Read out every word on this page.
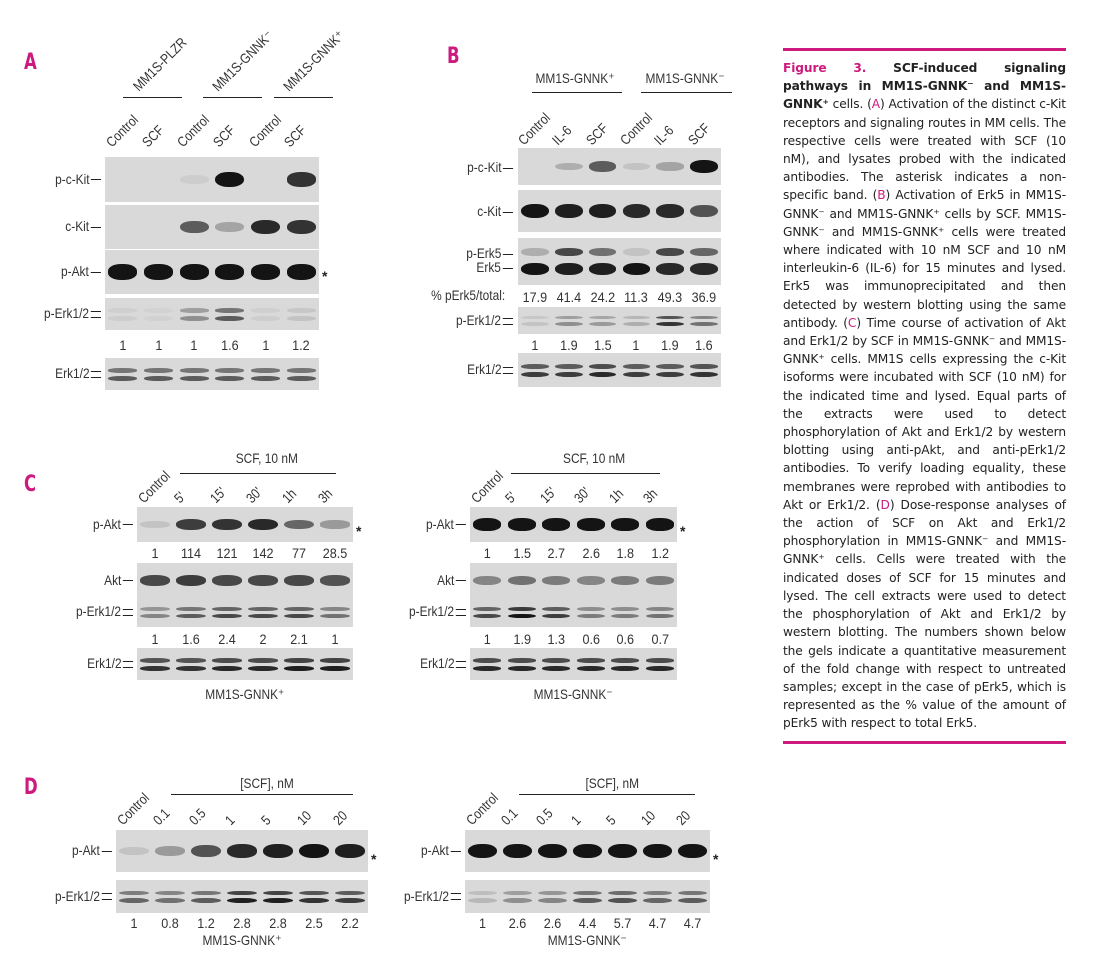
A	B
C
D
MM1S-PLZR MM1S-GNNK⁻ MM1S-GNNK⁺
Control
SCF Control
SCF Control
SCF
p-c-Kit
c-Kit
p-Akt	*
p-Erk1/2
Erk1/2
1	1	1	1.6	1	1.2
MM1S-GNNK⁺	MM1S-GNNK⁻
Control
IL-6 SCF Control
IL-6 SCF
p-c-Kit
c-Kit
p-Erk5
Erk5
% pErk5/total: 17.9 41.4 24.2 11.3 49.3 36.9
p-Erk1/2
1	1.9	1.5	1	1.9	1.6
Erk1/2
SCF, 10 nM
Control
5' 15' 30' 1h 3h
p-Akt	*
Akt
p-Erk1/2
Erk1/2
1	114	121	142	77	28.5
1	1.6	2.4	2	2.1	1
MM1S-GNNK⁺
SCF, 10 nM
Control
5' 15' 30' 1h 3h
p-Akt	*
Akt
p-Erk1/2
Erk1/2
1	1.5	2.7	2.6	1.8	1.2
1	1.9	1.3	0.6	0.6	0.7
MM1S-GNNK⁻
[SCF], nM
Control
0.1 0.5 1 5 10 20
p-Akt
*
p-Erk1/2
1	0.8	1.2	2.8	2.8	2.5	2.2
MM1S-GNNK⁺
[SCF], nM
Control
0.1 0.5 1 5 10 20
p-Akt
*
p-Erk1/2
1	2.6	2.6	4.4	5.7	4.7	4.7
MM1S-GNNK⁻

Figure 3. SCF-induced signaling pathways in MM1S-GNNK⁻ and MM1S-GNNK⁺ cells. (A) Activation of the distinct c-Kit receptors and signaling routes in MM cells. The respective cells were treated with SCF (10 nM), and lysates probed with the indicated antibodies. The asterisk indicates a non-specific band. (B) Activation of Erk5 in MM1S-GNNK⁻ and MM1S-GNNK⁺ cells by SCF. MM1S-GNNK⁻ and MM1S-GNNK⁺ cells were treated where indicated with 10 nM SCF and 10 nM interleukin-6 (IL-6) for 15 minutes and lysed. Erk5 was immunoprecipitated and then detected by western blotting using the same antibody. (C) Time course of activation of Akt and Erk1/2 by SCF in MM1S-GNNK⁻ and MM1S-GNNK⁺ cells. MM1S cells expressing the c-Kit isoforms were incubated with SCF (10 nM) for the indicated time and lysed. Equal parts of the extracts were used to detect phosphorylation of Akt and Erk1/2 by western blotting using anti-pAkt, and anti-pErk1/2 antibodies. To verify loading equality, these membranes were reprobed with antibodies to Akt or Erk1/2. (D) Dose-response analyses of the action of SCF on Akt and Erk1/2 phosphorylation in MM1S-GNNK⁻ and MM1S-GNNK⁺ cells. Cells were treated with the indicated doses of SCF for 15 minutes and lysed. The cell extracts were used to detect the phosphorylation of Akt and Erk1/2 by western blotting. The numbers shown below the gels indicate a quantitative measurement of the fold change with respect to untreated samples; except in the case of pErk5, which is represented as the % value of the amount of pErk5 with respect to total Erk5.
